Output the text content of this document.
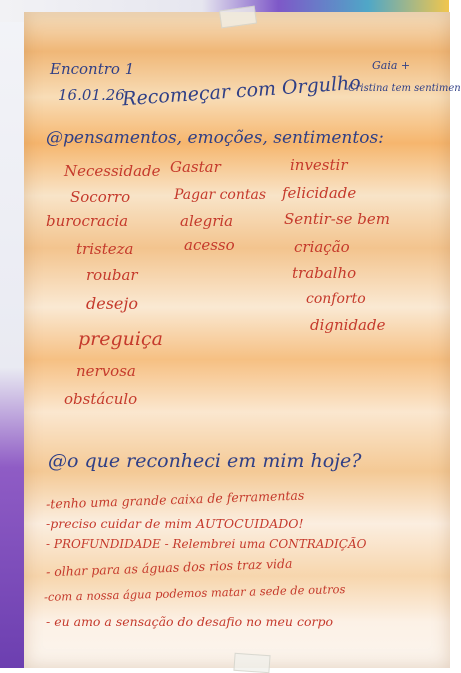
Encontro 1
16.01.26
Recomeçar com Orgulho
Gaia +
Cristina tem sentimen
@pensamentos, emoções, sentimentos:
Necessidade
Socorro
burocracia
tristeza
roubar
desejo
preguiça
nervosa
obstáculo
Gastar
Pagar contas
alegria
acesso
investir
felicidade
Sentir-se bem
criação
trabalho
conforto
dignidade
@o que reconheci em mim hoje?
-tenho uma grande caixa de ferramentas
-preciso cuidar de mim AUTOCUIDADO!
- PROFUNDIDADE - Relembrei uma CONTRADIÇÃO
- olhar para as águas dos rios traz vida
-com a nossa água podemos matar a sede de outros
- eu amo a sensação do desafio no meu corpo
